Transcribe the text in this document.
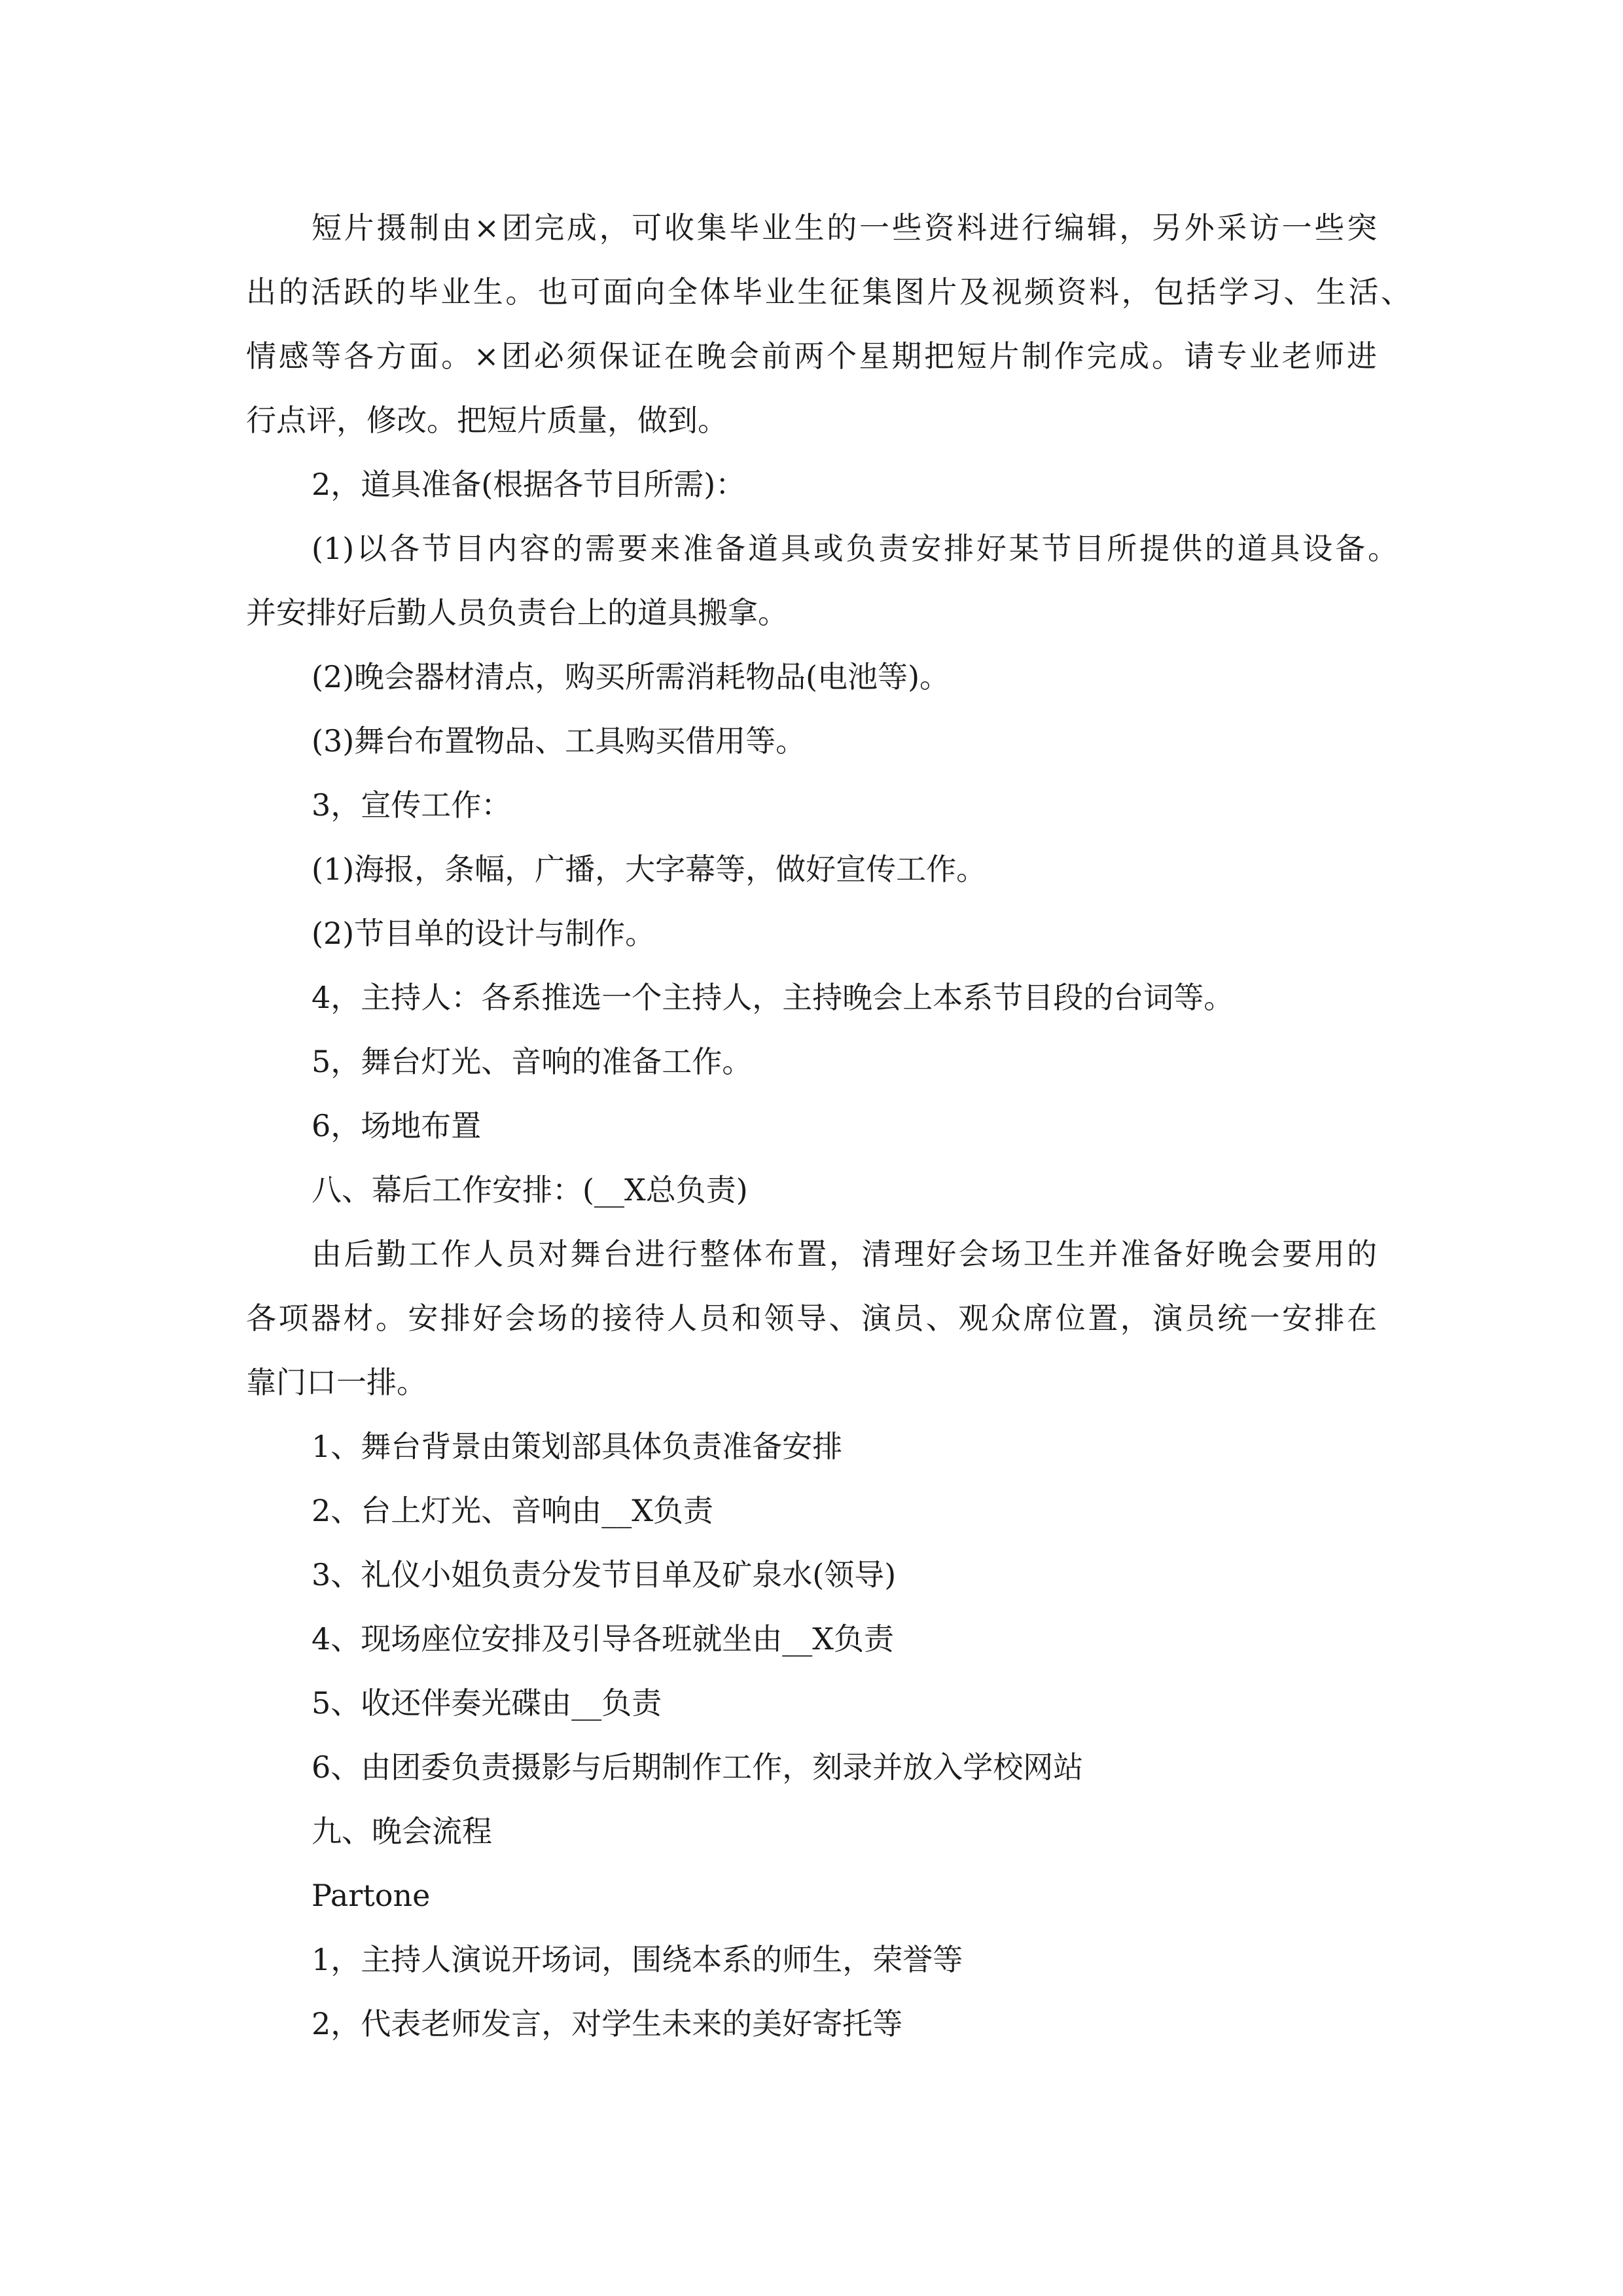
短片摄制由×团完成，可收集毕业生的一些资料进行编辑，另外采访一些突
出的活跃的毕业生。也可面向全体毕业生征集图片及视频资料，包括学习、生活、
情感等各方面。×团必须保证在晚会前两个星期把短片制作完成。请专业老师进
行点评，修改。把短片质量，做到。
2，道具准备(根据各节目所需)：
(1)以各节目内容的需要来准备道具或负责安排好某节目所提供的道具设备。
并安排好后勤人员负责台上的道具搬拿。
(2)晚会器材清点，购买所需消耗物品(电池等)。
(3)舞台布置物品、工具购买借用等。
3，宣传工作：
(1)海报，条幅，广播，大字幕等，做好宣传工作。
(2)节目单的设计与制作。
4，主持人：各系推选一个主持人，主持晚会上本系节目段的台词等。
5，舞台灯光、音响的准备工作。
6，场地布置
八、幕后工作安排：(__X总负责)
由后勤工作人员对舞台进行整体布置，清理好会场卫生并准备好晚会要用的
各项器材。安排好会场的接待人员和领导、演员、观众席位置，演员统一安排在
靠门口一排。
1、舞台背景由策划部具体负责准备安排
2、台上灯光、音响由__X负责
3、礼仪小姐负责分发节目单及矿泉水(领导)
4、现场座位安排及引导各班就坐由__X负责
5、收还伴奏光碟由__负责
6、由团委负责摄影与后期制作工作，刻录并放入学校网站
九、晚会流程
Partone
1，主持人演说开场词，围绕本系的师生，荣誉等
2，代表老师发言，对学生未来的美好寄托等
